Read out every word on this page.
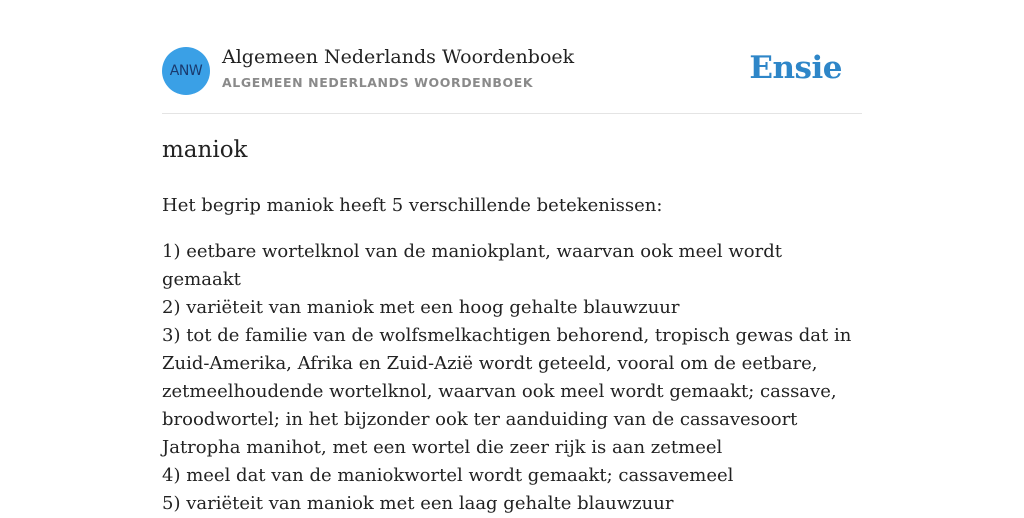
ANW
Algemeen Nederlands Woordenboek
ALGEMEEN NEDERLANDS WOORDENBOEK	Ensie
maniok
Het begrip maniok heeft 5 verschillende betekenissen:
1) eetbare wortelknol van de maniokplant, waarvan ook meel wordt gemaakt
2) variëteit van maniok met een hoog gehalte blauwzuur
3) tot de familie van de wolfsmelkachtigen behorend, tropisch gewas dat in Zuid-Amerika, Afrika en Zuid-Azië wordt geteeld, vooral om de eetbare, zetmeelhoudende wortelknol, waarvan ook meel wordt gemaakt; cassave, broodwortel; in het bijzonder ook ter aanduiding van de cassavesoort Jatropha manihot, met een wortel die zeer rijk is aan zetmeel
4) meel dat van de maniokwortel wordt gemaakt; cassavemeel
5) variëteit van maniok met een laag gehalte blauwzuur
